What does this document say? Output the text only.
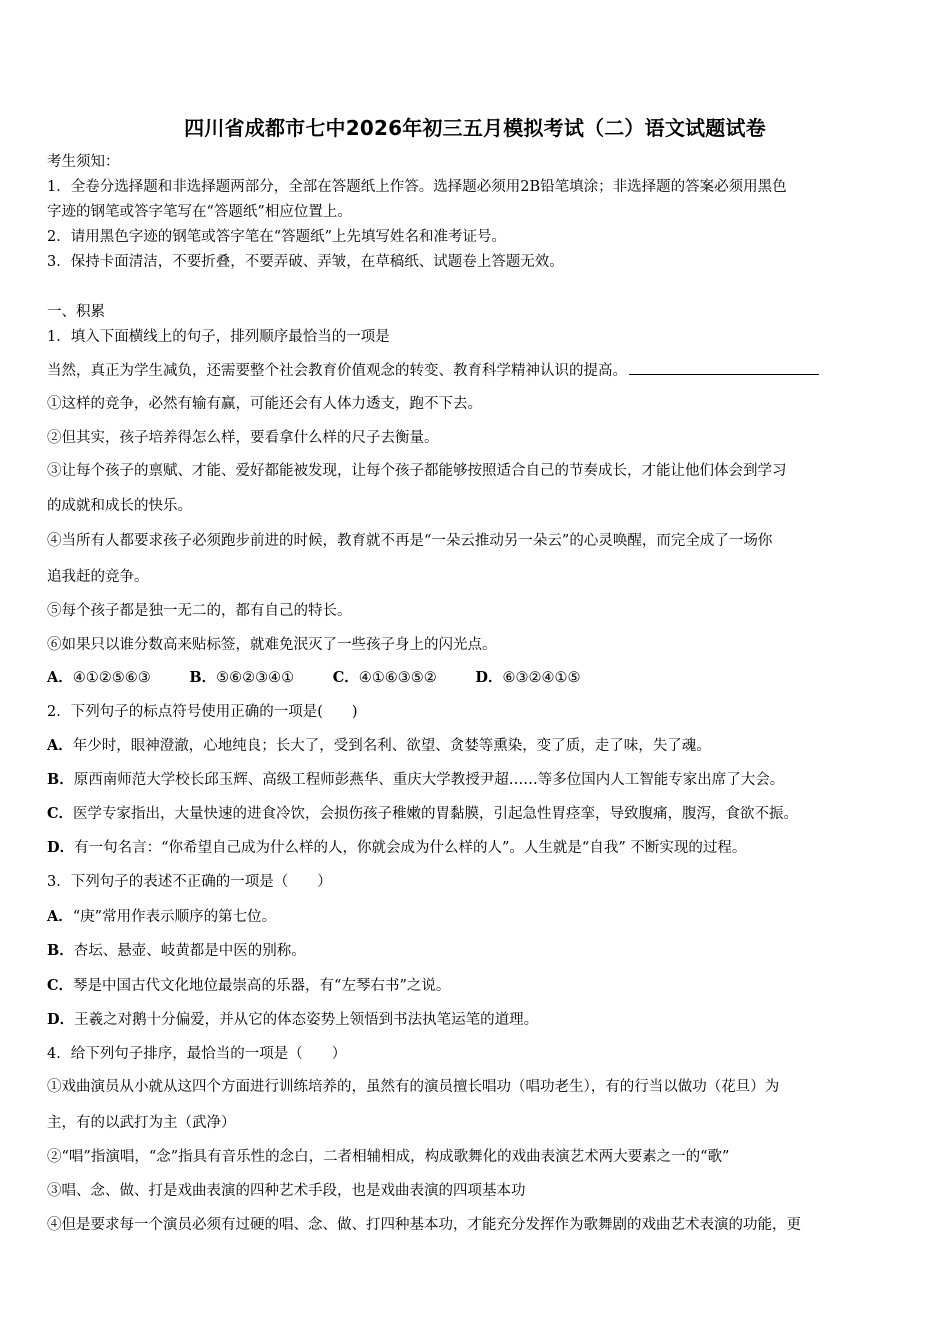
四川省成都市七中2026年初三五月模拟考试（二）语文试题试卷
考生须知：
1．全卷分选择题和非选择题两部分，全部在答题纸上作答。选择题必须用2B铅笔填涂；非选择题的答案必须用黑色
字迹的钢笔或答字笔写在“答题纸”相应位置上。
2．请用黑色字迹的钢笔或答字笔在“答题纸”上先填写姓名和准考证号。
3．保持卡面清洁，不要折叠，不要弄破、弄皱，在草稿纸、试题卷上答题无效。
一、积累
1．填入下面横线上的句子，排列顺序最恰当的一项是
当然，真正为学生减负，还需要整个社会教育价值观念的转变、教育科学精神认识的提高。
①这样的竞争，必然有输有赢，可能还会有人体力透支，跑不下去。
②但其实，孩子培养得怎么样，要看拿什么样的尺子去衡量。
③让每个孩子的禀赋、才能、爱好都能被发现，让每个孩子都能够按照适合自己的节奏成长，才能让他们体会到学习
的成就和成长的快乐。
④当所有人都要求孩子必须跑步前进的时候，教育就不再是“一朵云推动另一朵云”的心灵唤醒，而完全成了一场你
追我赶的竞争。
⑤每个孩子都是独一无二的，都有自己的特长。
⑥如果只以谁分数高来贴标签，就难免泯灭了一些孩子身上的闪光点。
A．④①②⑤⑥③	B．⑤⑥②③④①	C．④①⑥③⑤②	D．⑥③②④①⑤
2．下列句子的标点符号使用正确的一项是(　　)
A．年少时，眼神澄澈，心地纯良；长大了，受到名利、欲望、贪婪等熏染，变了质，走了味，失了魂。
B．原西南师范大学校长邱玉辉、高级工程师彭燕华、重庆大学教授尹超……等多位国内人工智能专家出席了大会。
C．医学专家指出，大量快速的进食冷饮，会损伤孩子稚嫩的胃黏膜，引起急性胃痉挛，导致腹痛，腹泻，食欲不振。
D．有一句名言：“你希望自己成为什么样的人，你就会成为什么样的人”。人生就是“自我” 不断实现的过程。
3．下列句子的表述不正确的一项是（　　）
A．“庚”常用作表示顺序的第七位。
B．杏坛、悬壶、岐黄都是中医的别称。
C．琴是中国古代文化地位最崇高的乐器，有“左琴右书”之说。
D．王羲之对鹅十分偏爱，并从它的体态姿势上领悟到书法执笔运笔的道理。
4．给下列句子排序，最恰当的一项是（　　）
①戏曲演员从小就从这四个方面进行训练培养的，虽然有的演员擅长唱功（唱功老生），有的行当以做功（花旦）为
主，有的以武打为主（武净）
②“唱”指演唱，“念”指具有音乐性的念白，二者相辅相成，构成歌舞化的戏曲表演艺术两大要素之一的“歌”
③唱、念、做、打是戏曲表演的四种艺术手段，也是戏曲表演的四项基本功
④但是要求每一个演员必须有过硬的唱、念、做、打四种基本功，才能充分发挥作为歌舞剧的戏曲艺术表演的功能，更
